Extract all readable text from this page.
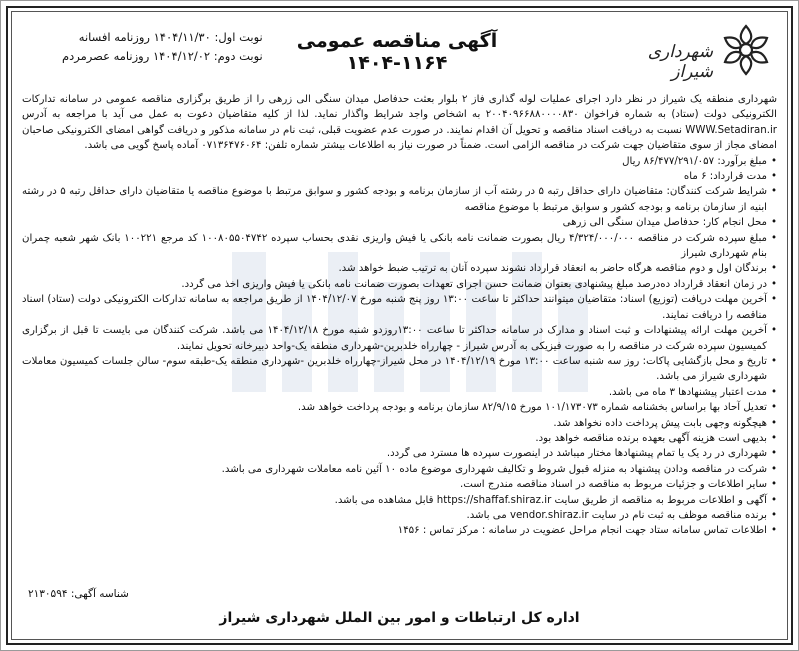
شهرداری شیراز
آگهی مناقصه عمومی ۱۱۶۴-۱۴۰۴
نوبت اول: ۱۴۰۴/۱۱/۳۰ روزنامه افسانه
نوبت دوم: ۱۴۰۴/۱۲/۰۲ روزنامه عصرمردم

شهرداری منطقه یک شیراز در نظر دارد اجرای عملیات لوله گذاری فاز ۲ بلوار بعثت حدفاصل میدان سنگی الی زرهی را از طریق برگزاری مناقصه عمومی در سامانه تدارکات الکترونیکی دولت (ستاد) به شماره فراخوان ۲۰۰۴۰۹۶۶۸۸۰۰۰۰۸۳۰ به اشخاص واجد شرایط واگذار نماید. لذا از کلیه متقاضیان دعوت به عمل می آید با مراجعه به آدرس WWW.Setadiran.ir نسبت به دریافت اسناد مناقصه و تحویل آن اقدام نمایند. در صورت عدم عضویت قبلی، ثبت نام در سامانه مذکور و دریافت گواهی امضای الکترونیکی صاحبان امضای مجاز از سوی متقاضیان جهت شرکت در مناقصه الزامی است. ضمناً در صورت نیاز به اطلاعات بیشتر شماره تلفن: ۰۷۱۳۶۴۷۶۰۶۴ آماده پاسخ گویی می باشد.

• مبلغ برآورد: ۸۶/۴۷۷/۲۹۱/۰۵۷ ریال
• مدت قرارداد: ۶ ماه
• شرایط شرکت کنندگان: متقاضیان دارای حداقل رتبه ۵ در رشته آب از سازمان برنامه و بودجه کشور و سوابق مرتبط با موضوع مناقصه یا متقاضیان دارای حداقل رتبه ۵ در رشته ابنیه از سازمان برنامه و بودجه کشور و سوابق مرتبط با موضوع مناقصه
• محل انجام کار: حدفاصل میدان سنگی الی زرهی
• مبلغ سپرده شرکت در مناقصه ۴/۳۲۴/۰۰۰/۰۰۰ ریال بصورت ضمانت نامه بانکی یا فیش واریزی نقدی بحساب سپرده ۱۰۰۸۰۵۵۰۴۷۴۲ کد مرجع ۱۰۰۲۲۱ بانک شهر شعبه چمران بنام شهرداری شیراز
• برندگان اول و دوم مناقصه هرگاه حاضر به انعقاد قرارداد نشوند سپرده آنان به ترتیب ضبط خواهد شد.
• در زمان انعقاد قرارداد ده‌درصد مبلغ پیشنهادی بعنوان ضمانت حسن اجرای تعهدات بصورت ضمانت نامه بانکی یا فیش واریزی اخذ می گردد.
• آخرین مهلت دریافت (توزیع) اسناد: متقاضیان میتوانند حداکثر تا ساعت ۱۳:۰۰ روز پنج شنبه مورخ ۱۴۰۴/۱۲/۰۷ از طریق مراجعه به سامانه تدارکات الکترونیکی دولت (ستاد) اسناد مناقصه را دریافت نمایند.
• آخرین مهلت ارائه پیشنهادات و ثبت اسناد و مدارک در سامانه حداکثر تا ساعت ۱۳:۰۰روزدو شنبه مورخ ۱۴۰۴/۱۲/۱۸ می باشد. شرکت کنندگان می بایست تا قبل از برگزاری کمیسیون سپرده شرکت در مناقصه را به صورت فیزیکی به آدرس شیراز - چهارراه خلدبرین-شهرداری منطقه یک-واحد دبیرخانه تحویل نمایند.
• تاریخ و محل بازگشایی پاکات: روز سه شنبه ساعت ۱۳:۰۰ مورخ ۱۴۰۴/۱۲/۱۹ در محل شیراز-چهارراه خلدبرین -شهرداری منطقه یک-طبقه سوم- سالن جلسات کمیسیون معاملات شهرداری شیراز می باشد.
• مدت اعتبار پیشنهادها ۳ ماه می باشد.
• تعدیل آحاد بها براساس بخشنامه شماره ۱۰۱/۱۷۳۰۷۳ مورخ ۸۲/۹/۱۵ سازمان برنامه و بودجه پرداخت خواهد شد.
• هیچگونه وجهی بابت پیش پرداخت داده نخواهد شد.
• بدیهی است هزینه آگهی بعهده برنده مناقصه خواهد بود.
• شهرداری در رد یک یا تمام پیشنهادها مختار میباشد در اینصورت سپرده ها مسترد می گردد.
• شرکت در مناقصه ودادن پیشنهاد به منزله قبول شروط و تکالیف شهرداری موضوع ماده ۱۰ آئین نامه معاملات شهرداری می باشد.
• سایر اطلاعات و جزئیات مربوط به مناقصه در اسناد مناقصه مندرج است.
• آگهی و اطلاعات مربوط به مناقصه از طریق سایت https://shaffaf.shiraz.ir قابل مشاهده می باشد.
• برنده مناقصه موظف به ثبت نام در سایت vendor.shiraz.ir می باشد.
• اطلاعات تماس سامانه ستاد جهت انجام مراحل عضویت در سامانه : مرکز تماس : ۱۴۵۶
شناسه آگهی: ۲۱۳۰۵۹۴
اداره کل ارتباطات و امور بین الملل شهرداری شیراز
